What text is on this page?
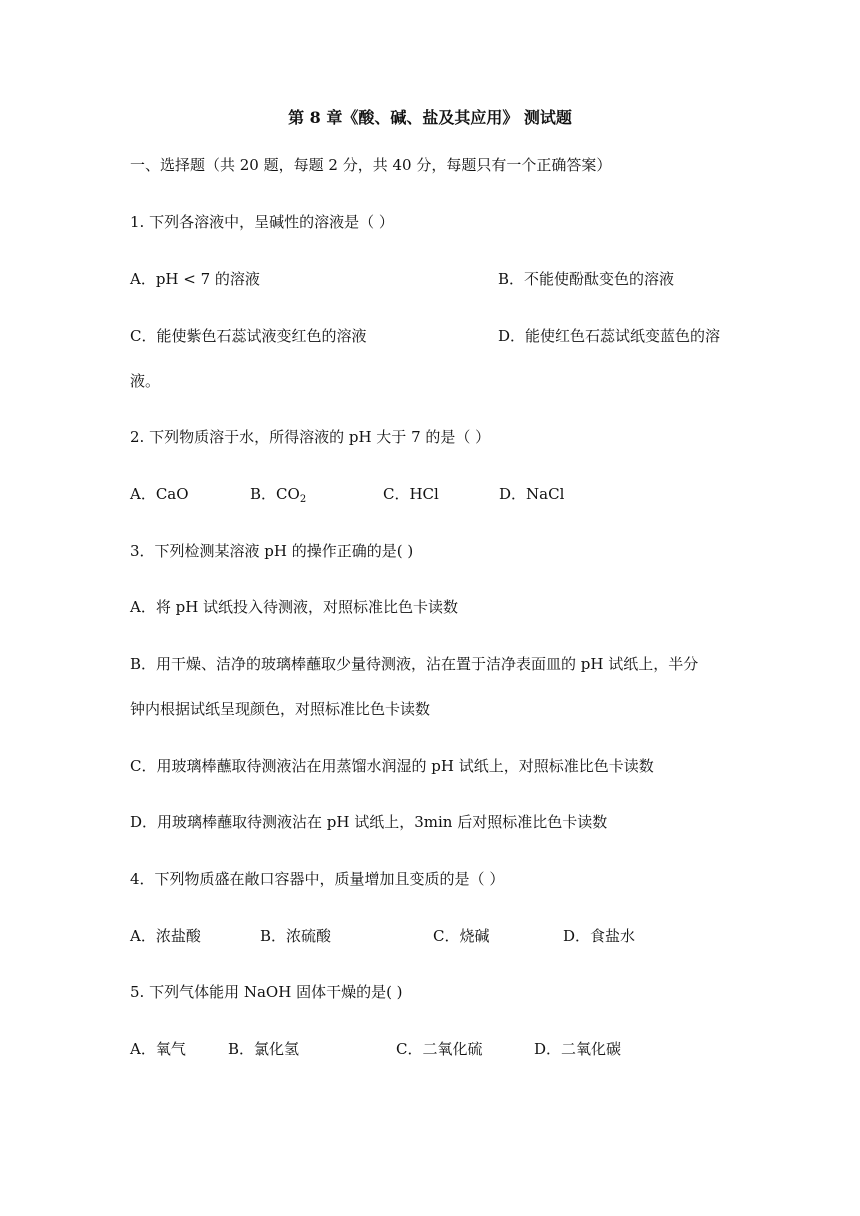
第 8 章《酸、碱、盐及其应用》 测试题
一、选择题（共 20 题，每题 2 分，共 40 分，每题只有一个正确答案）
1. 下列各溶液中，呈碱性的溶液是（ ）
A．pH < 7 的溶液	B．不能使酚酞变色的溶液
C．能使紫色石蕊试液变红色的溶液	D．能使红色石蕊试纸变蓝色的溶
液。
2. 下列物质溶于水，所得溶液的 pH 大于 7 的是（ ）
A．CaO	B．$CO_2$	C．HCl	D．NaCl
3．下列检测某溶液 pH 的操作正确的是( )
A．将 pH 试纸投入待测液，对照标准比色卡读数
B．用干燥、洁净的玻璃棒蘸取少量待测液，沾在置于洁净表面皿的 pH 试纸上，半分
钟内根据试纸呈现颜色，对照标准比色卡读数
C．用玻璃棒蘸取待测液沾在用蒸馏水润湿的 pH 试纸上，对照标准比色卡读数
D．用玻璃棒蘸取待测液沾在 pH 试纸上，3min 后对照标准比色卡读数
4．下列物质盛在敞口容器中，质量增加且变质的是（ ）
A．浓盐酸	B．浓硫酸	C．烧碱	D．食盐水
5. 下列气体能用 NaOH 固体干燥的是( )
A．氧气	B．氯化氢	C．二氧化硫	D．二氧化碳
